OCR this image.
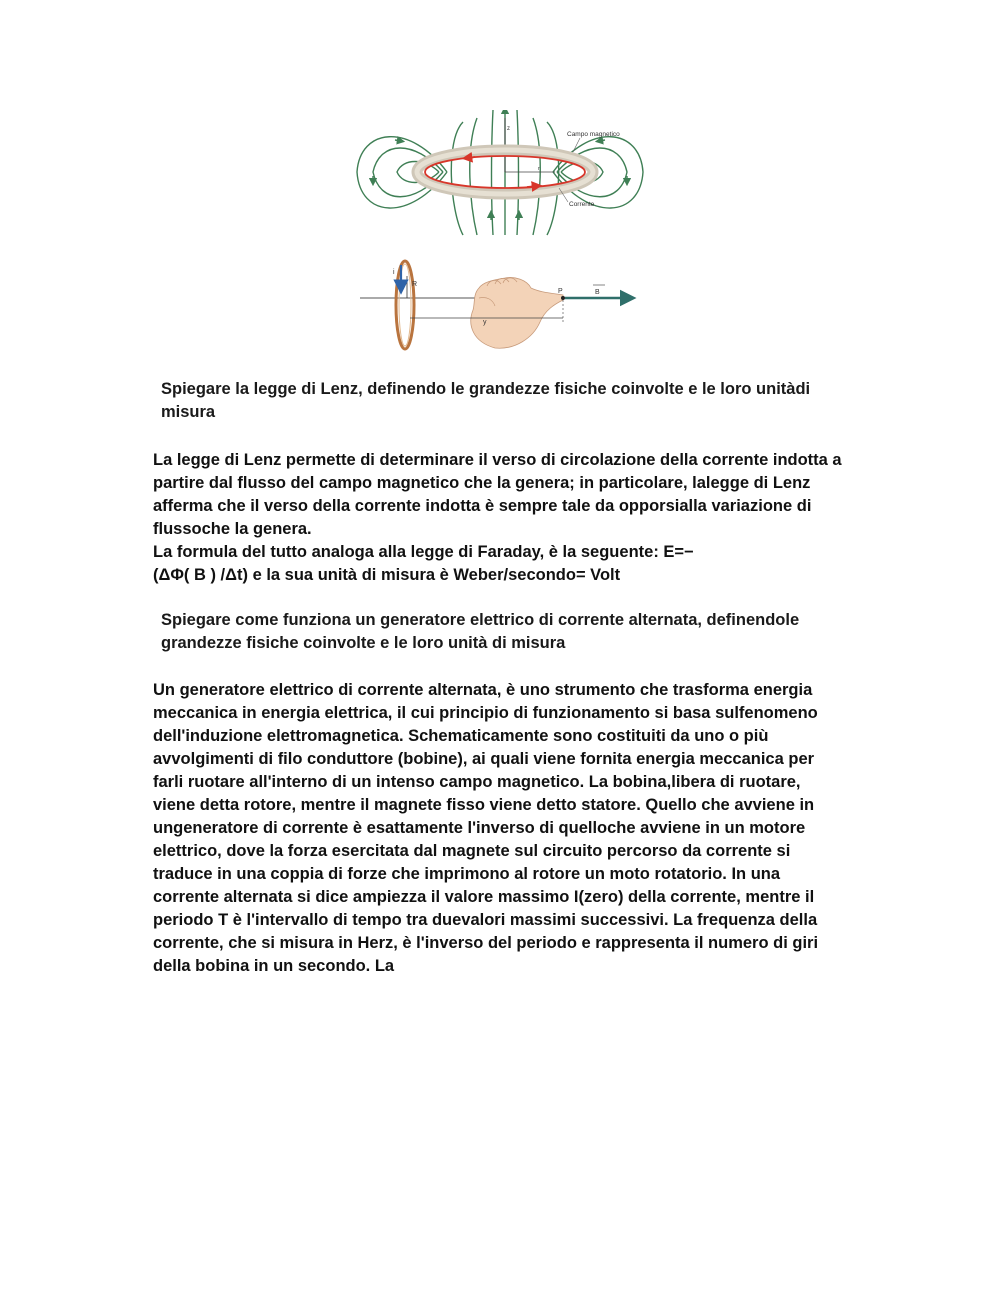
z
r
Campo magnetico
Corrente
R
i
y
P	B
Spiegare la legge di Lenz, definendo le grandezze fisiche coinvolte e le loro unitàdi
misura

La legge di Lenz permette di determinare il verso di circolazione della corrente indotta a partire dal flusso del campo magnetico che la genera; in particolare, lalegge di Lenz afferma che il verso della corrente indotta è sempre tale da opporsialla variazione di flussoche la genera.

La formula del tutto analoga alla legge di Faraday, è la seguente: E=−

(ΔΦ( B ) /Δt) e la sua unità di misura è Weber/secondo= Volt

Spiegare come funziona un generatore elettrico di corrente alternata, definendole
grandezze fisiche coinvolte e le loro unità di misura

Un generatore elettrico di corrente alternata, è uno strumento che trasforma energia meccanica in energia elettrica, il cui principio di funzionamento si basa sulfenomeno dell'induzione elettromagnetica. Schematicamente sono costituiti da uno o più avvolgimenti di filo conduttore (bobine), ai quali viene fornita energia meccanica per farli ruotare all'interno di un intenso campo magnetico. La bobina,libera di ruotare, viene detta rotore, mentre il magnete fisso viene detto statore. Quello che avviene in ungeneratore di corrente è esattamente l'inverso di quelloche avviene in un motore elettrico, dove la forza esercitata dal magnete sul circuito percorso da corrente si traduce in una coppia di forze che imprimono al rotore un moto rotatorio. In una corrente alternata si dice ampiezza il valore massimo I(zero) della corrente, mentre il periodo T è l'intervallo di tempo tra duevalori massimi successivi. La frequenza della corrente, che si misura in Herz, è l'inverso del periodo e rappresenta il numero di giri della bobina in un secondo. La
